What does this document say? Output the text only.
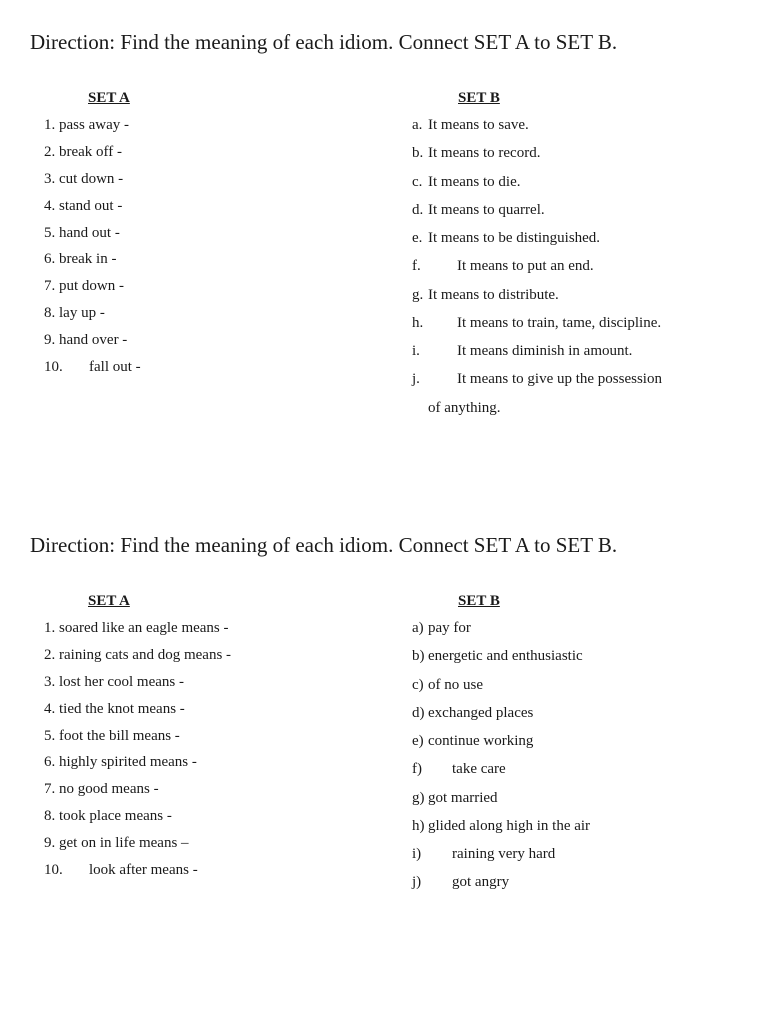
Direction: Find the meaning of each idiom. Connect SET A to SET B.
SET A
1. pass away -
2. break off -
3. cut down -
4. stand out -
5. hand out -
6. break in -
7. put down -
8. lay up -
9. hand over -
10. fall out -
SET B
a. It means to save.
b. It means to record.
c. It means to die.
d. It means to quarrel.
e. It means to be distinguished.
f. It means to put an end.
g. It means to distribute.
h. It means to train, tame, discipline.
i. It means diminish in amount.
j. It means to give up the possession
of anything.
Direction: Find the meaning of each idiom. Connect SET A to SET B.
SET A
1. soared like an eagle means -
2. raining cats and dog means -
3. lost her cool means -
4. tied the knot means -
5. foot the bill means -
6. highly spirited means -
7. no good means -
8. took place means -
9. get on in life means –
10. look after means -
SET B
a) pay for
b) energetic and enthusiastic
c) of no use
d) exchanged places
e) continue working
f) take care
g) got married
h) glided along high in the air
i) raining very hard
j) got angry
